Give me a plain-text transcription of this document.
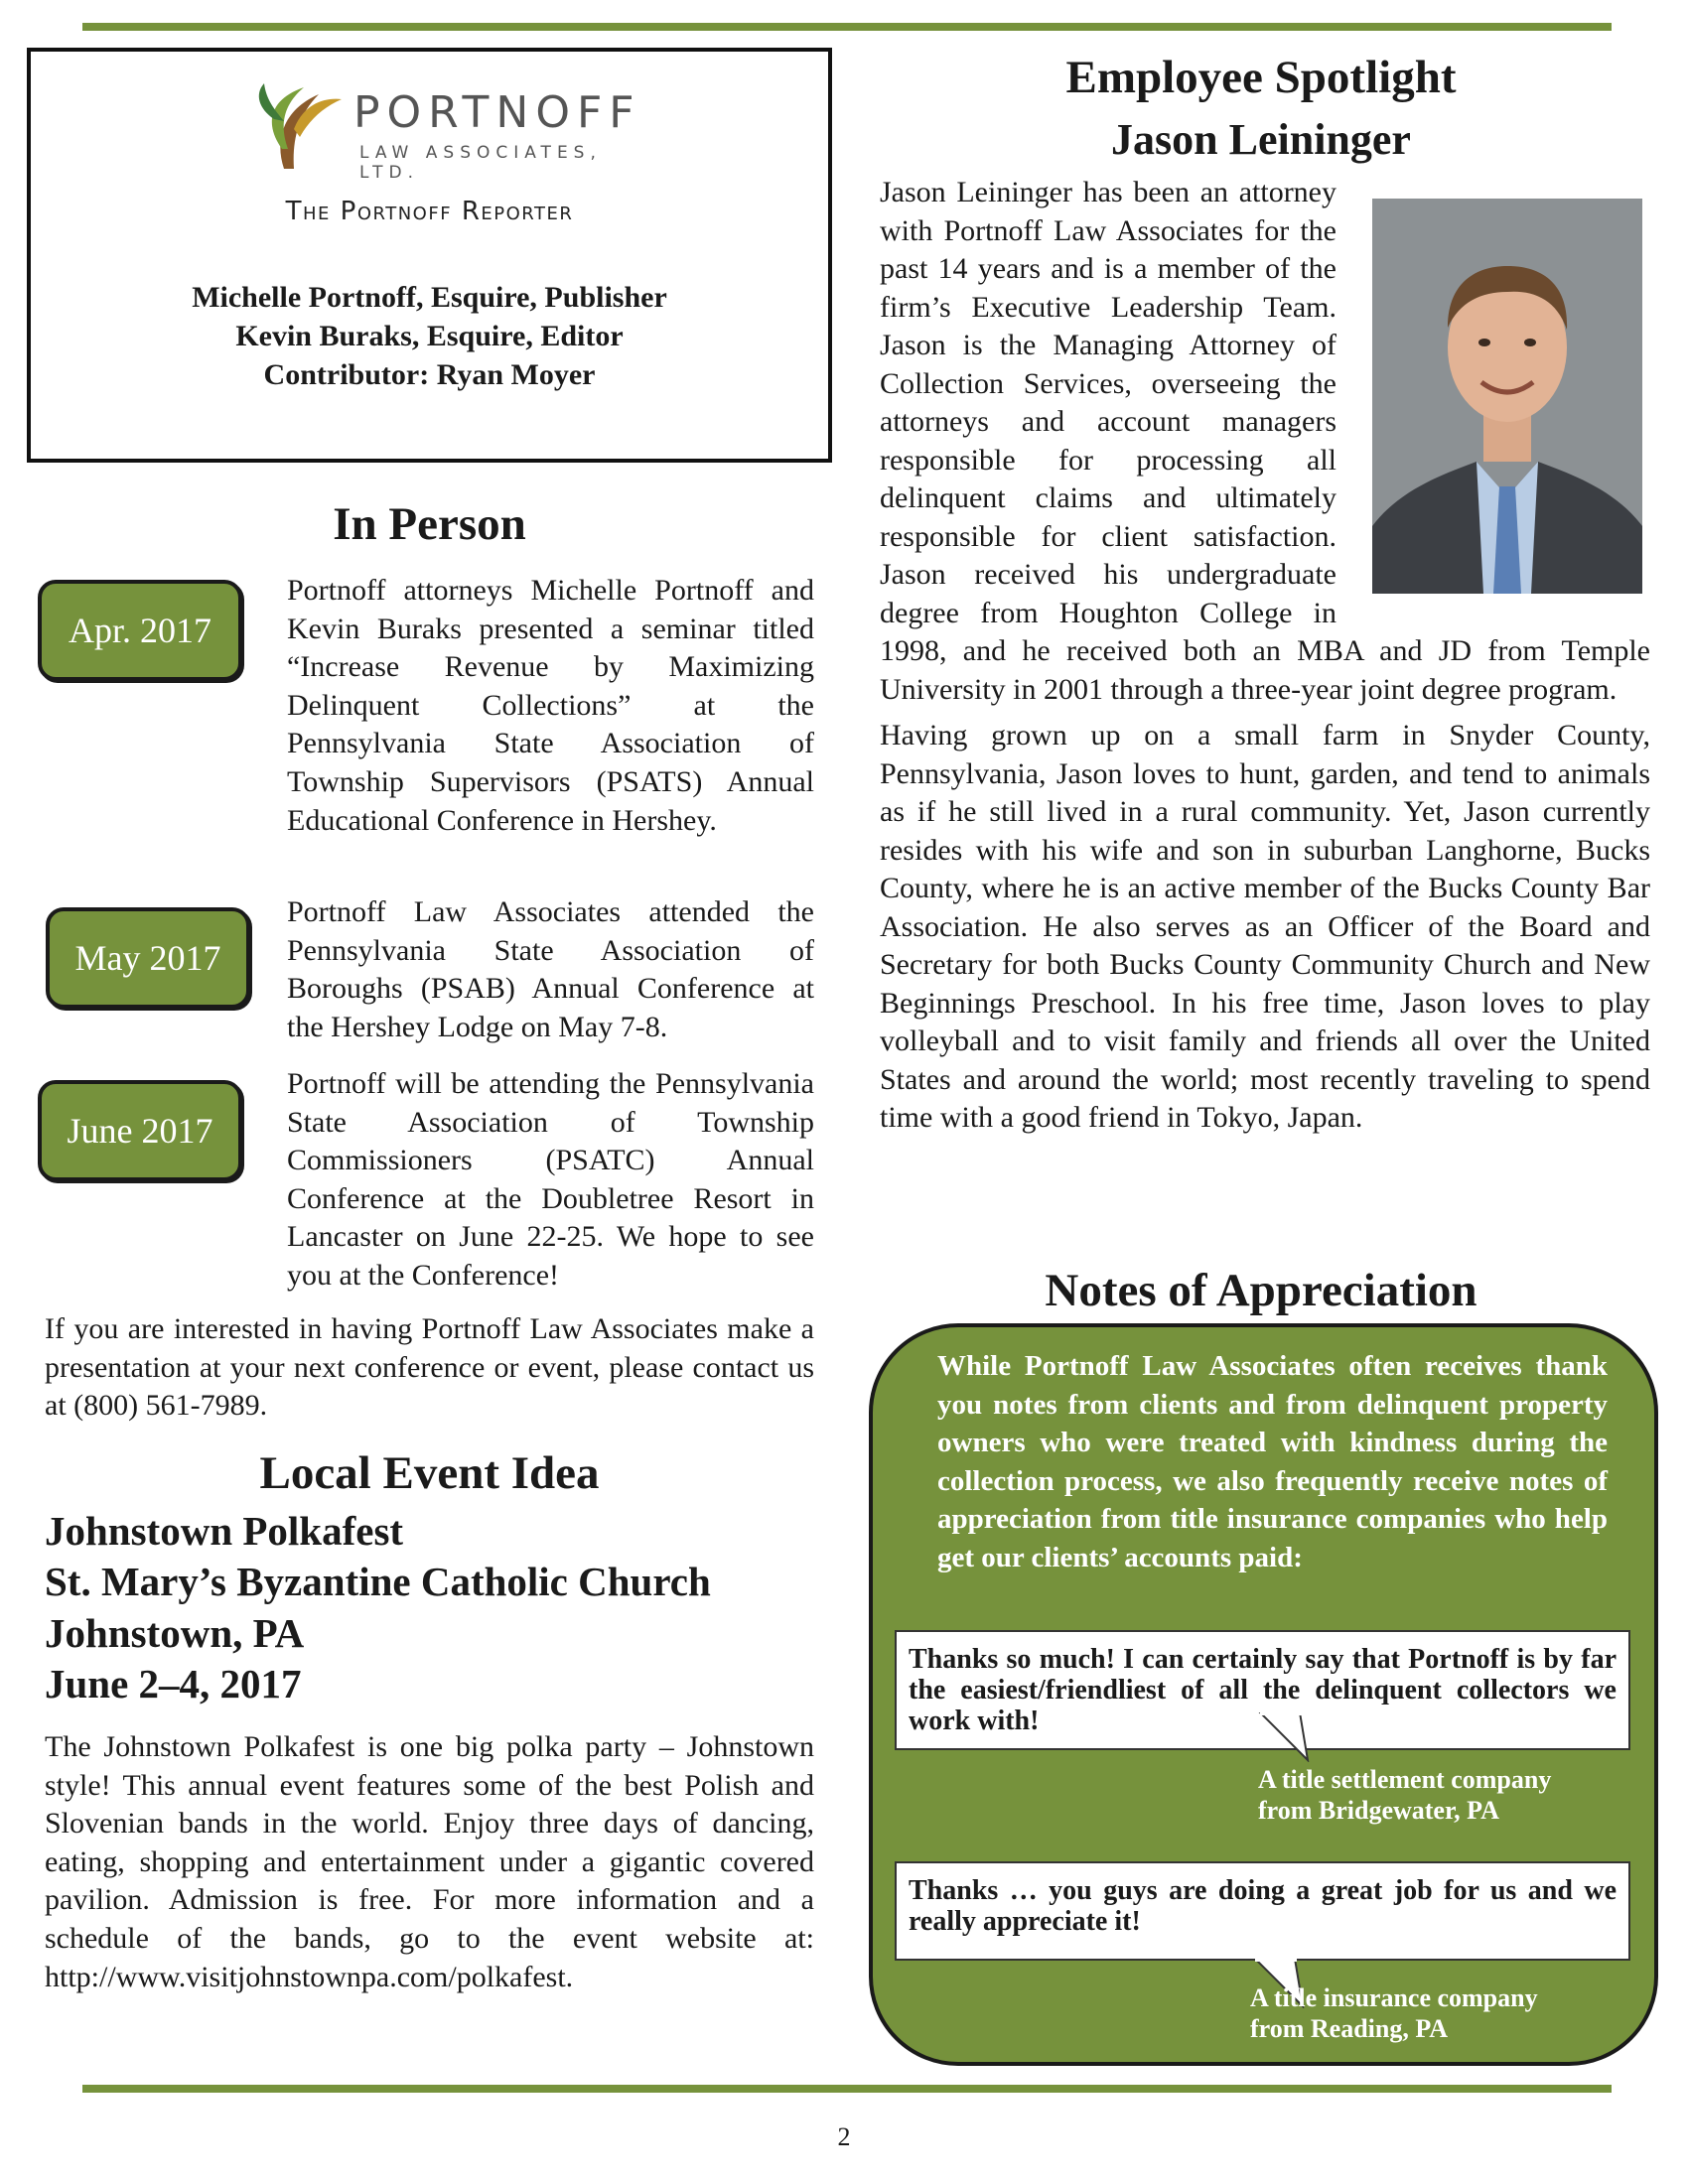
PORTNOFF
LAW ASSOCIATES, LTD.
The Portnoff Reporter
Michelle Portnoff, Esquire, Publisher
Kevin Buraks, Esquire, Editor
Contributor: Ryan Moyer
In Person
Apr. 2017
Portnoff attorneys Michelle Portnoff and Kevin Buraks presented a seminar titled “Increase Revenue by Maximizing Delinquent Collections” at the Pennsylvania State Association of Township Supervisors (PSATS) Annual Educational Conference in Hershey.
May 2017
Portnoff Law Associates attended the Pennsylvania State Association of Boroughs (PSAB) Annual Conference at the Hershey Lodge on May 7-8.
June 2017
Portnoff will be attending the Pennsylvania State Association of Township Commissioners (PSATC) Annual Conference at the Doubletree Resort in Lancaster on June 22-25. We hope to see you at the Conference!
If you are interested in having Portnoff Law Associates make a presentation at your next conference or event, please contact us at (800) 561-7989.
Local Event Idea
Johnstown Polkafest
St. Mary’s Byzantine Catholic Church
Johnstown, PA
June 2–4, 2017
The Johnstown Polkafest is one big polka party – Johnstown style! This annual event features some of the best Polish and Slovenian bands in the world. Enjoy three days of dancing, eating, shopping and entertainment under a gigantic covered pavilion. Admission is free. For more information and a schedule of the bands, go to the event website at: http://www.visitjohnstownpa.com/polkafest.
Employee Spotlight
Jason Leininger

Jason Leininger has been an attorney with Portnoff Law Associates for the past 14 years and is a member of the firm’s Executive Leadership Team. Jason is the Managing Attorney of Collection Services, overseeing the attorneys and account managers responsible for processing all delinquent claims and ultimately responsible for client satisfaction. Jason received his undergraduate degree from Houghton College in 1998, and he received both an MBA and JD from Temple University in 2001 through a three-year joint degree program.

Having grown up on a small farm in Snyder County, Pennsylvania, Jason loves to hunt, garden, and tend to animals as if he still lived in a rural community. Yet, Jason currently resides with his wife and son in suburban Langhorne, Bucks County, where he is an active member of the Bucks County Bar Association. He also serves as an Officer of the Board and Secretary for both Bucks County Community Church and New Beginnings Preschool. In his free time, Jason loves to play volleyball and to visit family and friends all over the United States and around the world; most recently traveling to spend time with a good friend in Tokyo, Japan.

Notes of Appreciation
While Portnoff Law Associates often receives thank you notes from clients and from delinquent property owners who were treated with kindness during the collection process, we also frequently receive notes of appreciation from title insurance companies who help get our clients’ accounts paid:
Thanks so much! I can certainly say that Portnoff is by far the easiest/friendliest of all the delinquent collectors we work with!
A title settlement company
from Bridgewater, PA
Thanks … you guys are doing a great job for us and we really appreciate it!
A title insurance company
from Reading, PA
2
